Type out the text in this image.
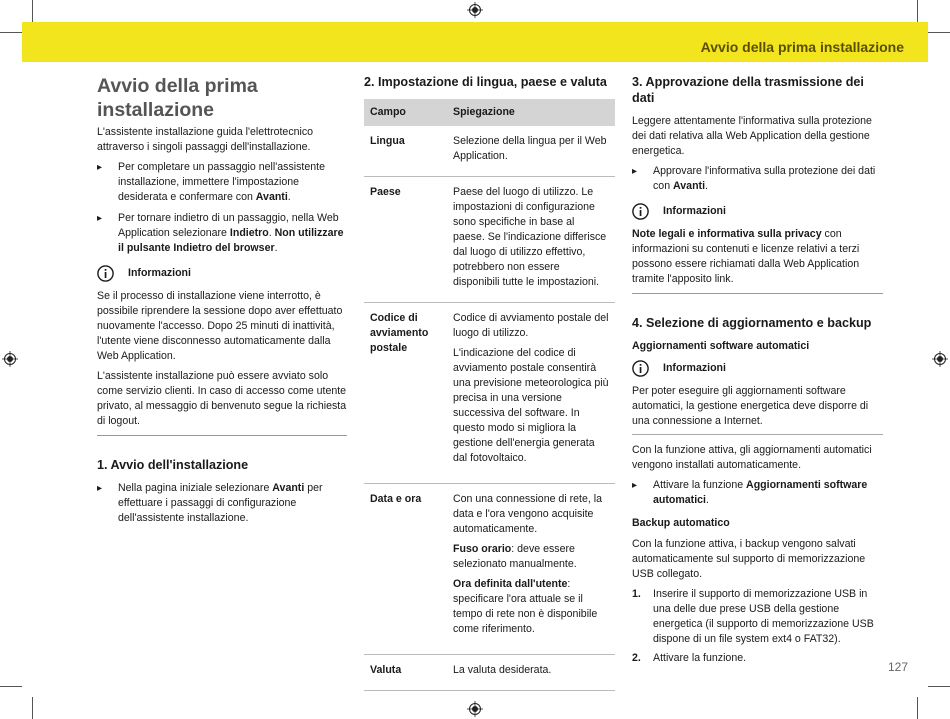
Avvio della prima installazione
Avvio della prima installazione

L'assistente installazione guida l'elettrotecnico attraverso i singoli passaggi dell'installazione.

▸ Per completare un passaggio nell'assistente installazione, immettere l'impostazione desiderata e confermare con Avanti.
▸ Per tornare indietro di un passaggio, nella Web Application selezionare Indietro. Non utilizzare il pulsante Indietro del browser.
Informazioni

Se il processo di installazione viene interrotto, è possibile riprendere la sessione dopo aver effettuato nuovamente l'accesso. Dopo 25 minuti di inattività, l'utente viene disconnesso automaticamente dalla Web Application.

L'assistente installazione può essere avviato solo come servizio clienti. In caso di accesso come utente privato, al messaggio di benvenuto segue la richiesta di logout.

1. Avvio dell'installazione
▸ Nella pagina iniziale selezionare Avanti per effettuare i passaggi di configurazione dell'assistente installazione.
2. Impostazione di lingua, paese e valuta
Campo	Spiegazione
Lingua	Selezione della lingua per il Web Application.
Paese	Paese del luogo di utilizzo. Le impostazioni di configurazione sono specifiche in base al paese. Se l'indicazione differisce dal luogo di utilizzo effettivo, potrebbero non essere disponibili tutte le impostazioni.
Codice di avviamento postale	Codice di avviamento postale del luogo di utilizzo.

L'indicazione del codice di avviamento postale consentirà una previsione meteorologica più precisa in una versione successiva del software. In questo modo si migliora la gestione dell'energia generata dal fotovoltaico.

Data e ora	Con una connessione di rete, la data e l'ora vengono acquisite automaticamente.

Fuso orario: deve essere selezionato manualmente.

Ora definita dall'utente: specificare l'ora attuale se il tempo di rete non è disponibile come riferimento.

Valuta	La valuta desiderata.
3. Approvazione della trasmissione dei dati

Leggere attentamente l'informativa sulla protezione dei dati relativa alla Web Application della gestione energetica.

▸ Approvare l'informativa sulla protezione dei dati con Avanti.
Informazioni

Note legali e informativa sulla privacy con informazioni su contenuti e licenze relativi a terzi possono essere richiamati dalla Web Application tramite l'apposito link.

4. Selezione di aggiornamento e backup
Aggiornamenti software automatici
Informazioni

Per poter eseguire gli aggiornamenti software automatici, la gestione energetica deve disporre di una connessione a Internet.

Con la funzione attiva, gli aggiornamenti automatici vengono installati automaticamente.

▸ Attivare la funzione Aggiornamenti software automatici.
Backup automatico

Con la funzione attiva, i backup vengono salvati automaticamente sul supporto di memorizzazione USB collegato.

1. Inserire il supporto di memorizzazione USB in una delle due prese USB della gestione energetica (il supporto di memorizzazione USB dispone di un file system ext4 o FAT32).
2. Attivare la funzione.
127
